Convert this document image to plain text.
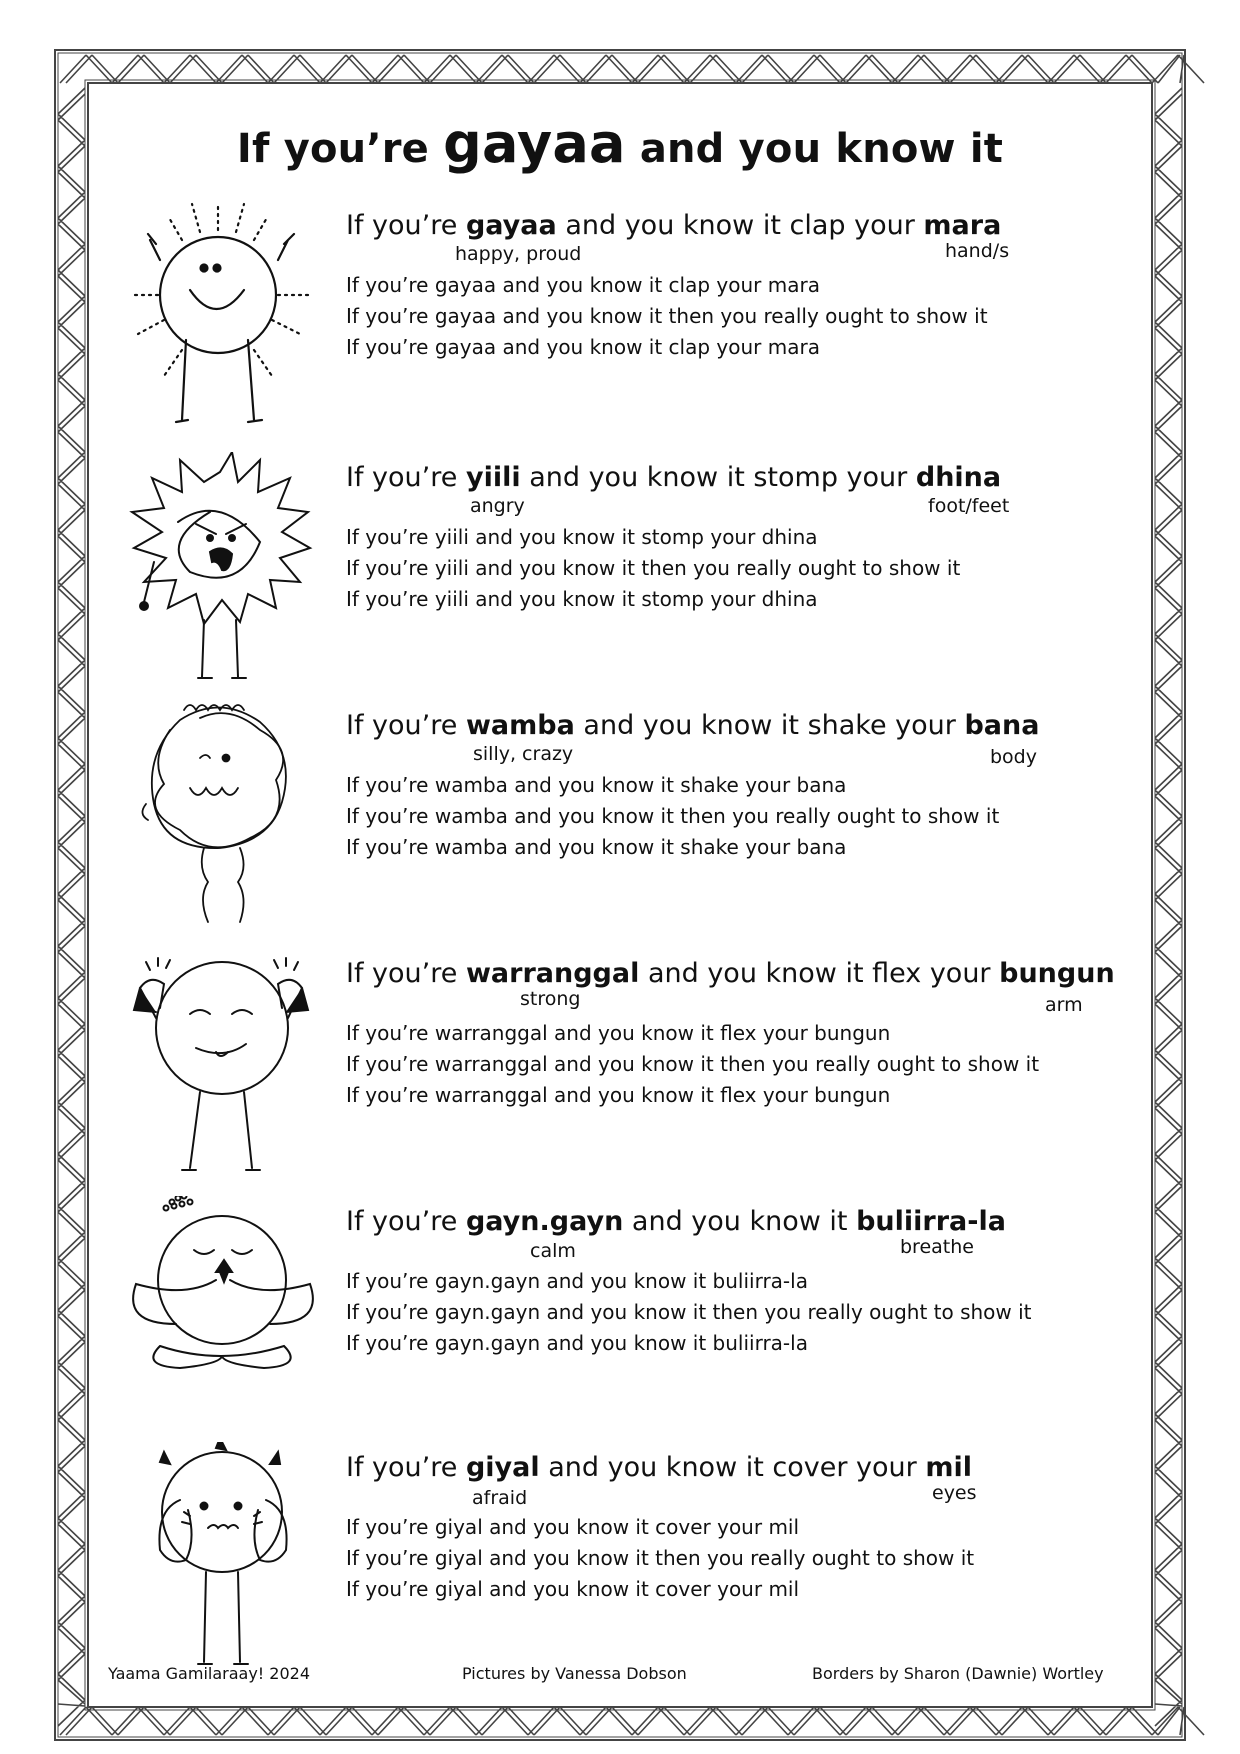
If you’re gayaa and you know it
If you’re gayaa and you know it clap your mara
happy, proud	hand/s
If you’re gayaa and you know it clap your mara
If you’re gayaa and you know it then you really ought to show it
If you’re gayaa and you know it clap your mara
If you’re yiili and you know it stomp your dhina
angry	foot/feet
If you’re yiili and you know it stomp your dhina
If you’re yiili and you know it then you really ought to show it
If you’re yiili and you know it stomp your dhina
If you’re wamba and you know it shake your bana
silly, crazy	body
If you’re wamba and you know it shake your bana
If you’re wamba and you know it then you really ought to show it
If you’re wamba and you know it shake your bana
If you’re warranggal and you know it flex your bungun
strong	arm
If you’re warranggal and you know it flex your bungun
If you’re warranggal and you know it then you really ought to show it
If you’re warranggal and you know it flex your bungun
If you’re gayn.gayn and you know it buliirra-la
calm	breathe
If you’re gayn.gayn and you know it buliirra-la
If you’re gayn.gayn and you know it then you really ought to show it
If you’re gayn.gayn and you know it buliirra-la
If you’re giyal and you know it cover your mil
afraid	eyes
If you’re giyal and you know it cover your mil
If you’re giyal and you know it then you really ought to show it
If you’re giyal and you know it cover your mil
Yaama Gamilaraay! 2024	Pictures by Vanessa Dobson	Borders by Sharon (Dawnie) Wortley
